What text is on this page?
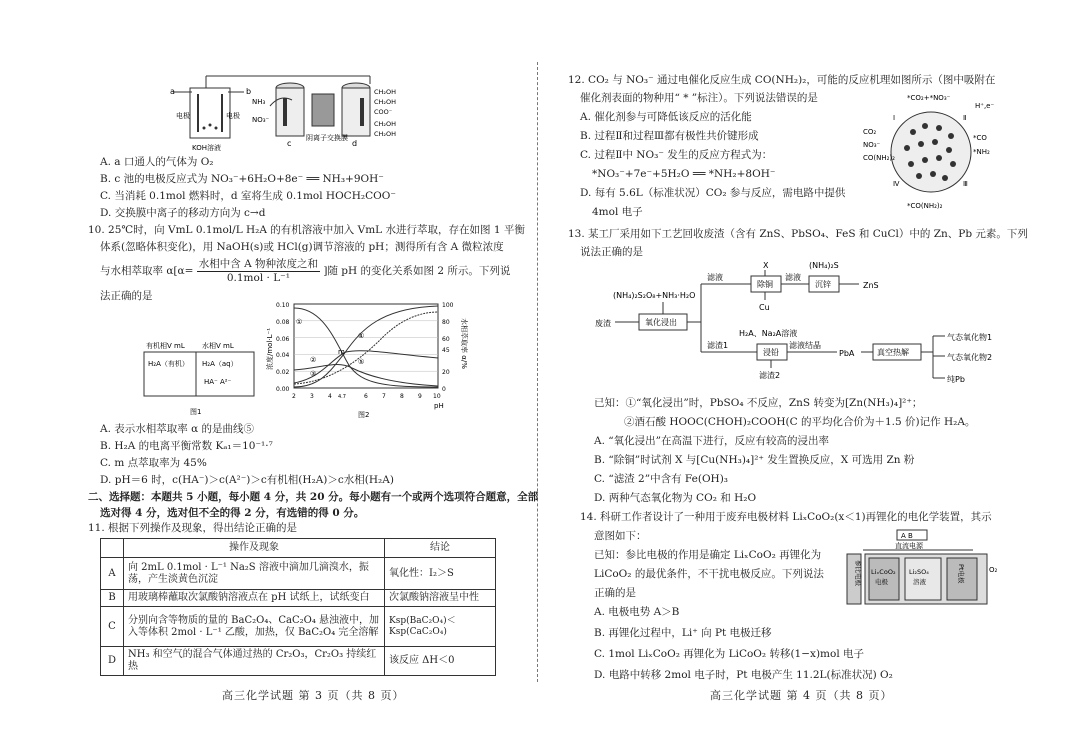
a	b
电极	电极
KOH溶液
NH₃
NO₃⁻
阴离子交换膜
c	d
CH₂OH
CH₂OH
COO⁻
CH₂OH
CH₂OH
A. a 口通人的气体为 O₂
B. c 池的电极反应式为 NO₃⁻+6H₂O+8e⁻ ══ NH₃+9OH⁻
C. 当消耗 0.1mol 燃料时，d 室将生成 0.1mol HOCH₂COO⁻
D. 交换膜中离子的移动方向为 c→d
10. 25℃时，向 VmL 0.1mol/L H₂A 的有机溶液中加入 VmL 水进行萃取，存在如图 1 平衡
体系(忽略体积变化)，用 NaOH(s)或 HCl(g)调节溶液的 pH；测得所有含 A 微粒浓度
与水相萃取率 $\alpha[\alpha= \frac{\text{水相中含 A 物种浓度之和}}{\text{0.1mol · L⁻¹}}$ ]随 pH 的变化关系如图 2 所示。下列说
法正确的是
有机相V mL 水相V mL
H₂A（有机） H₂A（aq）
HA⁻ A²⁻
图1
浓度/mol·L⁻¹	水相萃取率 α/%
0.10
0.08
0.06
0.04
0.02
0.00
100
80
60
45
20
0
2 3 4 4.7	6 7 8 9 10
pH
①
②
③
④
⑤
m
图2
A. 表示水相萃取率 α 的是曲线⑤
B. H₂A 的电离平衡常数 Kₐ₁＝10⁻¹·⁷
C. m 点萃取率为 45%
D. pH＝6 时，c(HA⁻)＞c(A²⁻)＞c有机相(H₂A)＞c水相(H₂A)
二、选择题：本题共 5 小题，每小题 4 分，共 20 分。每小题有一个或两个选项符合题意，全部
选对得 4 分，选对但不全的得 2 分，有选错的得 0 分。
11. 根据下列操作及现象，得出结论正确的是
	操作及现象	结论
A	向 2mL 0.1mol · L⁻¹ Na₂S 溶液中滴加几滴溴水，振荡，产生淡黄色沉淀	氧化性：I₂＞S
B	用玻璃棒蘸取次氯酸钠溶液点在 pH 试纸上，试纸变白	次氯酸钠溶液呈中性
C	分别向含等物质的量的 BaC₂O₄、CaC₂O₄ 悬浊液中，加入等体积 2mol · L⁻¹ 乙酸，加热，仅 BaC₂O₄ 完全溶解	Ksp(BaC₂O₄)＜Ksp(CaC₂O₄)
D	NH₃ 和空气的混合气体通过热的 Cr₂O₃，Cr₂O₃ 持续红热	该反应 ΔH＜0
高三化学试题 第 3 页（共 8 页）
12. CO₂ 与 NO₃⁻ 通过电催化反应生成 CO(NH₂)₂，可能的反应机理如图所示（图中吸附在
催化剂表面的物种用“ * ”标注）。下列说法错误的是
A. 催化剂参与可降低该反应的活化能
B. 过程Ⅱ和过程Ⅲ都有极性共价键形成
C. 过程Ⅱ中 NO₃⁻ 发生的反应方程式为：
*NO₃⁻+7e⁻+5H₂O ══ *NH₂+8OH⁻
D. 每有 5.6L（标准状况）CO₂ 参与反应，需电路中提供
4mol 电子
*CO₂+*NO₃⁻
H⁺,e⁻
CO₂
NO₃⁻
CO(NH₂)₂
*CO
*NH₂
*CO(NH₂)₂
Ⅰ	Ⅱ
Ⅲ
Ⅳ
13. 某工厂采用如下工艺回收废渣（含有 ZnS、PbSO₄、FeS 和 CuCl）中的 Zn、Pb 元素。下列
说法正确的是
(NH₄)₂S₂O₈+NH₃·H₂O
废渣	氧化浸出
滤液
X
除铜
Cu
滤液
(NH₄)₂S
沉锌	ZnS
H₂A、Na₂A溶液
滤渣1
浸铅
滤渣2
滤液结晶
PbA	真空热解
气态氧化物1
气态氧化物2
纯Pb
已知：①“氧化浸出”时，PbSO₄ 不反应，ZnS 转变为[Zn(NH₃)₄]²⁺；
②酒石酸 HOOC(CHOH)₂COOH(C 的平均化合价为＋1.5 价)记作 H₂A。
A. “氧化浸出”在高温下进行，反应有较高的浸出率
B. “除铜”时试剂 X 与[Cu(NH₃)₄]²⁺ 发生置换反应，X 可选用 Zn 粉
C. “滤渣 2”中含有 Fe(OH)₃
D. 两种气态氧化物为 CO₂ 和 H₂O
14. 科研工作者设计了一种用于废弃电极材料 LiₓCoO₂(x＜1)再锂化的电化学装置，其示
意图如下：
已知：参比电极的作用是确定 LiₓCoO₂ 再锂化为
LiCoO₂ 的最优条件，不干扰电极反应。下列说法
正确的是
A. 电极电势 A＞B
B. 再锂化过程中，Li⁺ 向 Pt 电极迁移
C. 1mol LiₓCoO₂ 再锂化为 LiCoO₂ 转移(1−x)mol 电子
D. 电路中转移 2mol 电子时，Pt 电极产生 11.2L(标准状况) O₂
A B
直流电源
参比电极 LiₓCoO₂
电极
Li₂SO₄
溶液	Pt电极	O₂
高三化学试题 第 4 页（共 8 页）
